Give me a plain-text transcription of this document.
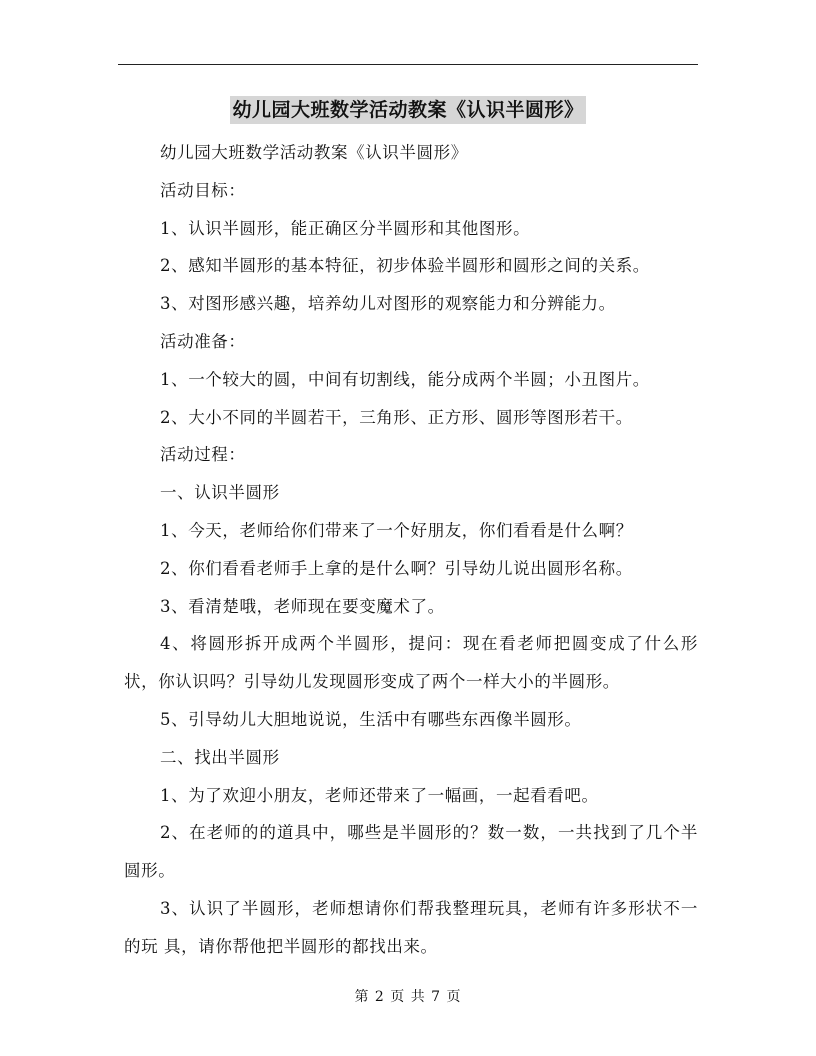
幼儿园大班数学活动教案《认识半圆形》

幼儿园大班数学活动教案《认识半圆形》

活动目标：

1、认识半圆形，能正确区分半圆形和其他图形。

2、感知半圆形的基本特征，初步体验半圆形和圆形之间的关系。

3、对图形感兴趣，培养幼儿对图形的观察能力和分辨能力。

活动准备：

1、一个较大的圆，中间有切割线，能分成两个半圆；小丑图片。

2、大小不同的半圆若干，三角形、正方形、圆形等图形若干。

活动过程：

一、认识半圆形

1、今天，老师给你们带来了一个好朋友，你们看看是什么啊？

2、你们看看老师手上拿的是什么啊？引导幼儿说出圆形名称。

3、看清楚哦，老师现在要变魔术了。

4、将圆形拆开成两个半圆形，提问：现在看老师把圆变成了什么形状，你认识吗？引导幼儿发现圆形变成了两个一样大小的半圆形。

5、引导幼儿大胆地说说，生活中有哪些东西像半圆形。

二、找出半圆形

1、为了欢迎小朋友，老师还带来了一幅画，一起看看吧。

2、在老师的的道具中，哪些是半圆形的？数一数，一共找到了几个半圆形。

3、认识了半圆形，老师想请你们帮我整理玩具，老师有许多形状不一的玩 具，请你帮他把半圆形的都找出来。

第 2 页 共 7 页
